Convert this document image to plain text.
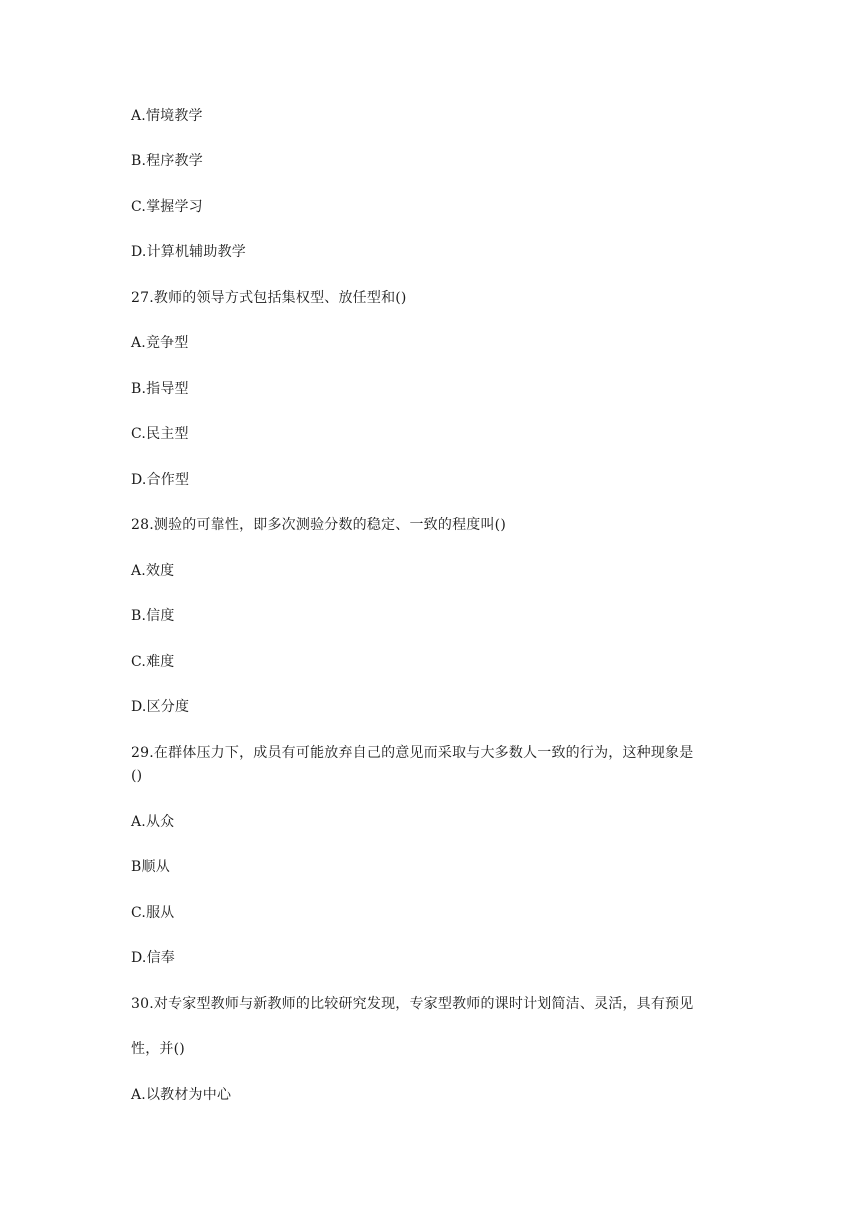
A.情境教学
B.程序教学
C.掌握学习
D.计算机辅助教学
27.教师的领导方式包括集权型、放任型和()
A.竞争型
B.指导型
C.民主型
D.合作型
28.测验的可靠性，即多次测验分数的稳定、一致的程度叫()
A.效度
B.信度
C.难度
D.区分度
29.在群体压力下，成员有可能放弃自己的意见而采取与大多数人一致的行为，这种现象是
()
A.从众
B顺从
C.服从
D.信奉
30.对专家型教师与新教师的比较研究发现，专家型教师的课时计划简洁、灵活，具有预见
性，并()
A.以教材为中心
